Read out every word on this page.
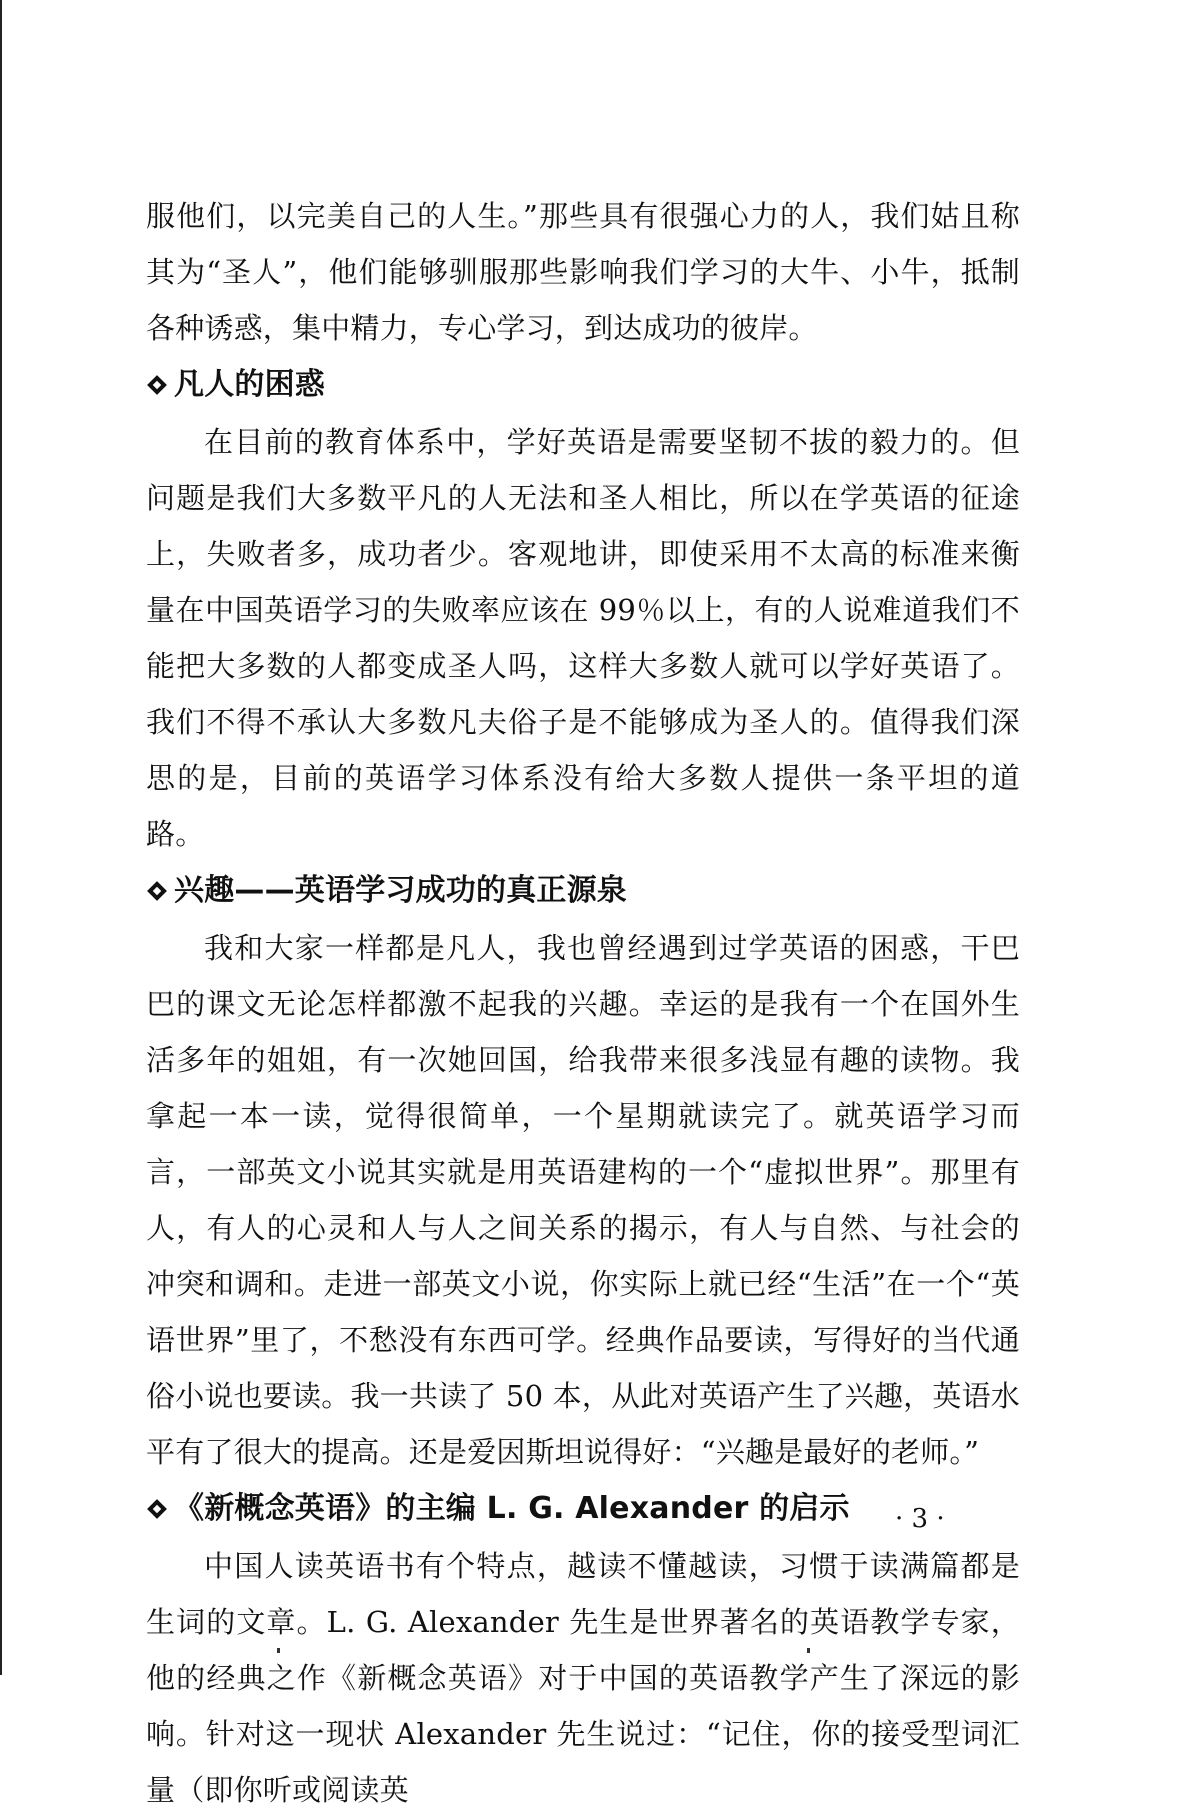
服他们，以完美自己的人生。”那些具有很强心力的人，我们姑且称其为“圣人”，他们能够驯服那些影响我们学习的大牛、小牛，抵制各种诱惑，集中精力，专心学习，到达成功的彼岸。

凡人的困惑

在目前的教育体系中，学好英语是需要坚韧不拔的毅力的。但问题是我们大多数平凡的人无法和圣人相比，所以在学英语的征途上，失败者多，成功者少。客观地讲，即使采用不太高的标准来衡量在中国英语学习的失败率应该在 99％以上，有的人说难道我们不能把大多数的人都变成圣人吗，这样大多数人就可以学好英语了。我们不得不承认大多数凡夫俗子是不能够成为圣人的。值得我们深思的是，目前的英语学习体系没有给大多数人提供一条平坦的道路。

兴趣——英语学习成功的真正源泉

我和大家一样都是凡人，我也曾经遇到过学英语的困惑，干巴巴的课文无论怎样都激不起我的兴趣。幸运的是我有一个在国外生活多年的姐姐，有一次她回国，给我带来很多浅显有趣的读物。我拿起一本一读，觉得很简单，一个星期就读完了。就英语学习而言，一部英文小说其实就是用英语建构的一个“虚拟世界”。那里有人，有人的心灵和人与人之间关系的揭示，有人与自然、与社会的冲突和调和。走进一部英文小说，你实际上就已经“生活”在一个“英语世界”里了，不愁没有东西可学。经典作品要读，写得好的当代通俗小说也要读。我一共读了 50 本，从此对英语产生了兴趣，英语水平有了很大的提高。还是爱因斯坦说得好：“兴趣是最好的老师。”

《新概念英语》的主编 L. G. Alexander 的启示

中国人读英语书有个特点，越读不懂越读，习惯于读满篇都是生词的文章。L. G. Alexander 先生是世界著名的英语教学专家，他的经典之作《新概念英语》对于中国的英语教学产生了深远的影响。针对这一现状 Alexander 先生说过：“记住，你的接受型词汇量（即你听或阅读英

· 3 ·
